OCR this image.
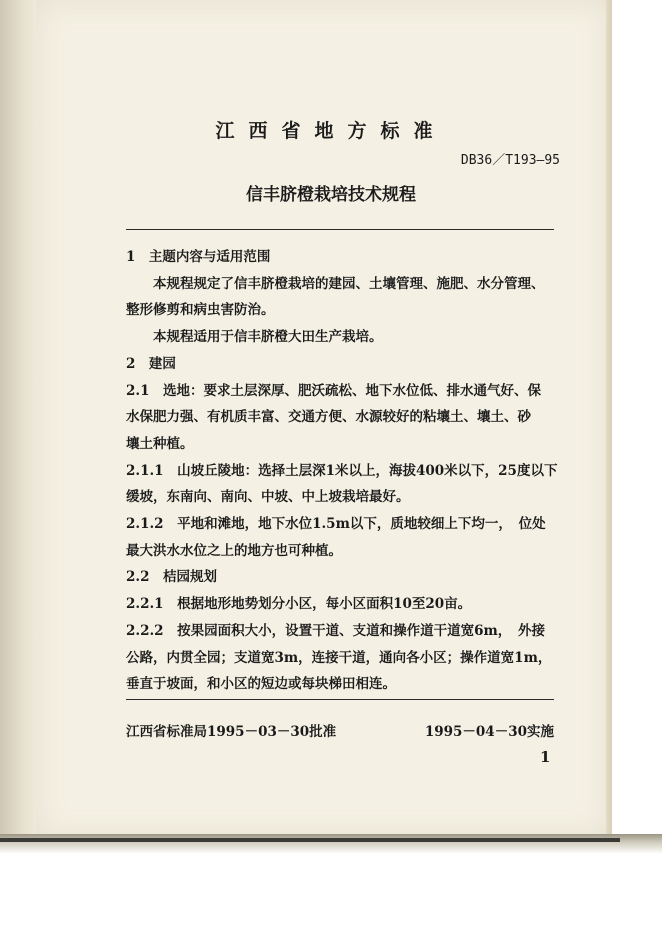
江西省地方标准
DB36／T193—95
信丰脐橙栽培技术规程
1　主题内容与适用范围
本规程规定了信丰脐橙栽培的建园、土壤管理、施肥、水分管理、
整形修剪和病虫害防治。
本规程适用于信丰脐橙大田生产栽培。
2　建园
2.1　选地：要求土层深厚、肥沃疏松、地下水位低、排水通气好、保
水保肥力强、有机质丰富、交通方便、水源较好的粘壤土、壤土、砂
壤土种植。
2.1.1　山坡丘陵地：选择土层深1米以上，海拔400米以下，25度以下
缓坡，东南向、南向、中坡、中上坡栽培最好。
2.1.2　平地和滩地，地下水位1.5m以下，质地较细上下均一，　位处
最大洪水水位之上的地方也可种植。
2.2　桔园规划
2.2.1　根据地形地势划分小区，每小区面积10至20亩。
2.2.2　按果园面积大小，设置干道、支道和操作道干道宽6m，　外接
公路，内贯全园；支道宽3m，连接干道，通向各小区；操作道宽1m，
垂直于坡面，和小区的短边或每块梯田相连。
江西省标准局1995－03－30批准	1995－04－30实施
1
